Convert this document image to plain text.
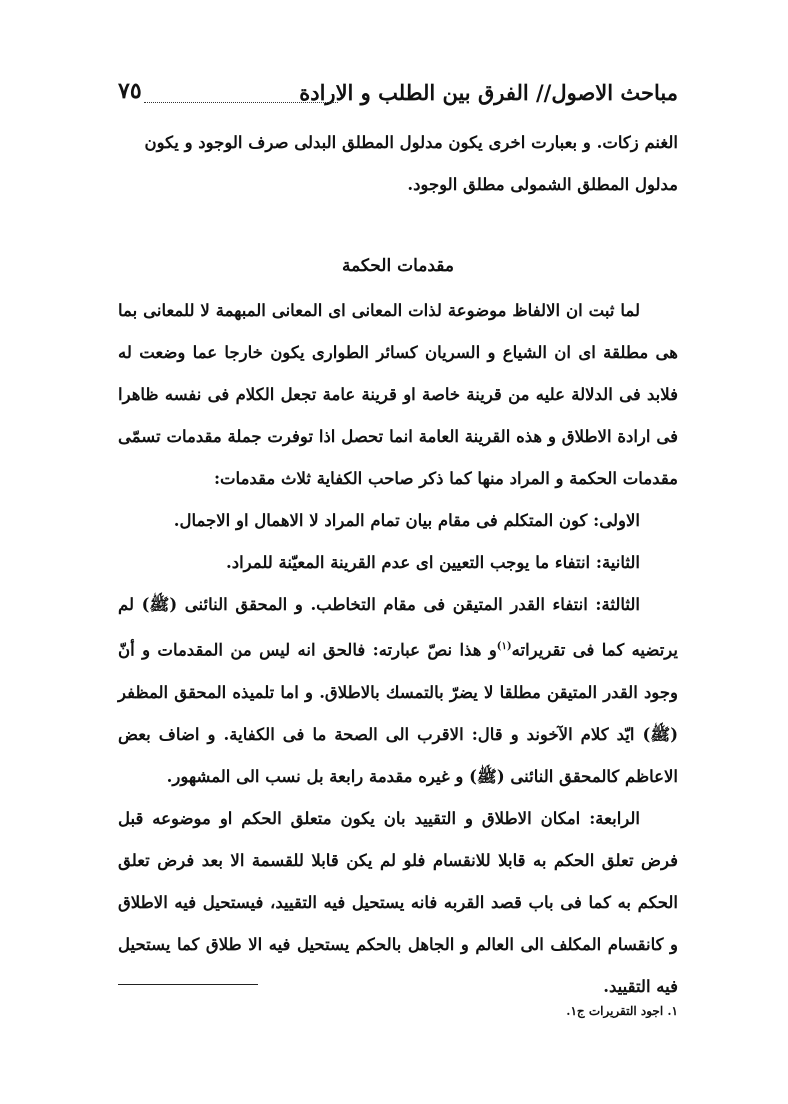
مباحث الاصول// الفرق بين الطلب و الارادة
٧٥

الغنم زكات. و بعبارت اخرى يكون مدلول المطلق البدلى صرف الوجود و يكون

مدلول المطلق الشمولى مطلق الوجود.

مقدمات الحكمة

لما ثبت ان الالفاظ موضوعة لذات المعانى اى المعانى المبهمة لا للمعانى بما هى مطلقة اى ان الشياع و السريان كسائر الطوارى يكون خارجا عما وضعت له فلابد فى الدلالة عليه من قرينة خاصة او قرينة عامة تجعل الكلام فى نفسه ظاهرا فى ارادة الاطلاق و هذه القرينة العامة انما تحصل اذا توفرت جملة مقدمات تسمّى مقدمات الحكمة و المراد منها كما ذكر صاحب الكفاية ثلاث مقدمات:

الاولى: كون المتكلم فى مقام بيان تمام المراد لا الاهمال او الاجمال.

الثانية: انتفاء ما يوجب التعيين اى عدم القرينة المعيّنة للمراد.

الثالثة: انتفاء القدر المتيقن فى مقام التخاطب. و المحقق النائنى (ﷺ) لم يرتضيه كما فى تقريراته$^{(١)}$و هذا نصّ عبارته: فالحق انه ليس من المقدمات و أنّ وجود القدر المتيقن مطلقا لا يضرّ بالتمسك بالاطلاق. و اما تلميذه المحقق المظفر (ﷺ) ايّد كلام الآخوند و قال: الاقرب الى الصحة ما فى الكفاية. و اضاف بعض الاعاظم كالمحقق النائنى (ﷺ) و غيره مقدمة رابعة بل نسب الى المشهور.

الرابعة: امكان الاطلاق و التقييد بان يكون متعلق الحكم او موضوعه قبل فرض تعلق الحكم به قابلا للانقسام فلو لم يكن قابلا للقسمة الا بعد فرض تعلق الحكم به كما فى باب قصد القربه فانه يستحيل فيه التقييد، فيستحيل فيه الاطلاق و كانقسام المكلف الى العالم و الجاهل بالحكم يستحيل فيه الا طلاق كما يستحيل فيه التقييد.

١. اجود التقريرات ج١.
